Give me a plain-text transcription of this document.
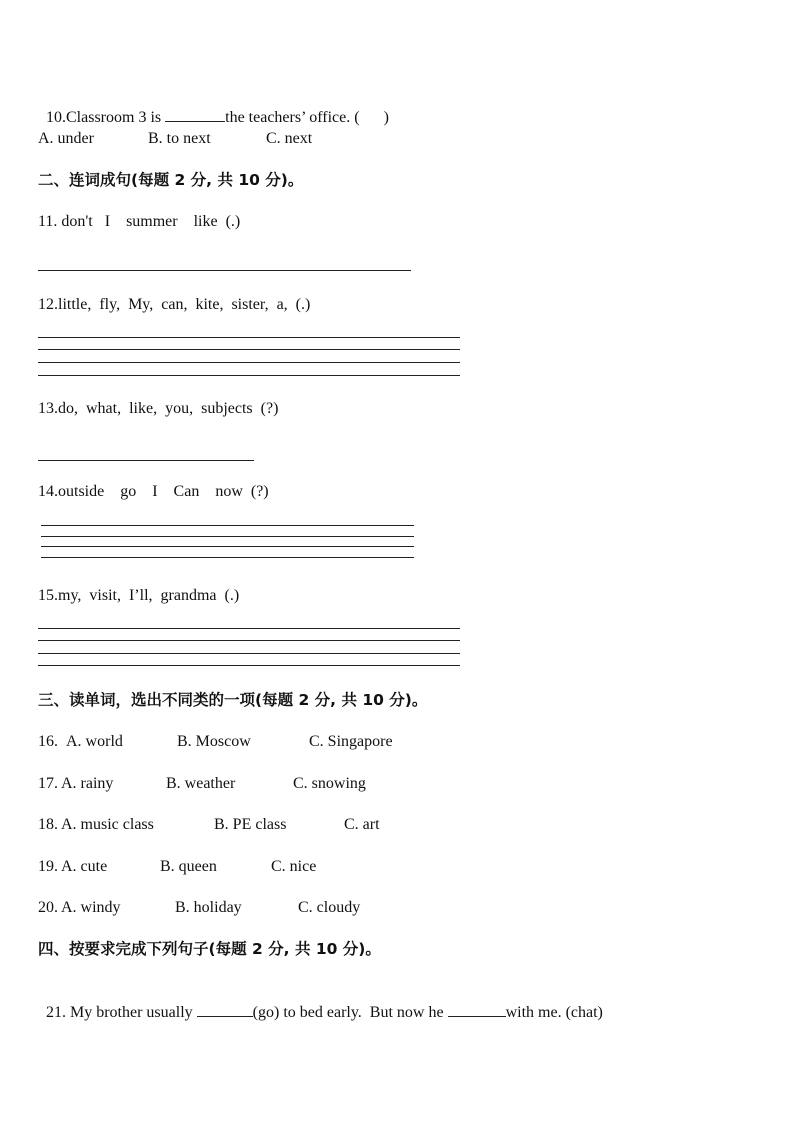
10.Classroom 3 is	the teachers’ office. ( )

A. under	B. to next	C. next
二、连词成句(每题 2 分, 共 10 分)。
11. don't   I    summer    like  (.)
12.little,  fly,  My,  can,  kite,  sister,  a,  (.)
13.do,  what,  like,  you,  subjects  (?)
14.outside    go    I    Can    now  (?)
15.my,  visit,  I’ll,  grandma  (.)
三、读单词，选出不同类的一项(每题 2 分, 共 10 分)。
16. A. world	B. Moscow	C. Singapore
17. A. rainy	B. weather	C. snowing
18. A. music class	B. PE class	C. art
19. A. cute	B. queen	C. nice
20. A. windy	B. holiday	C. cloudy
四、按要求完成下列句子(每题 2 分, 共 10 分)。

21. My brother usually	(go) to bed early.  But now he	with me. (chat)
